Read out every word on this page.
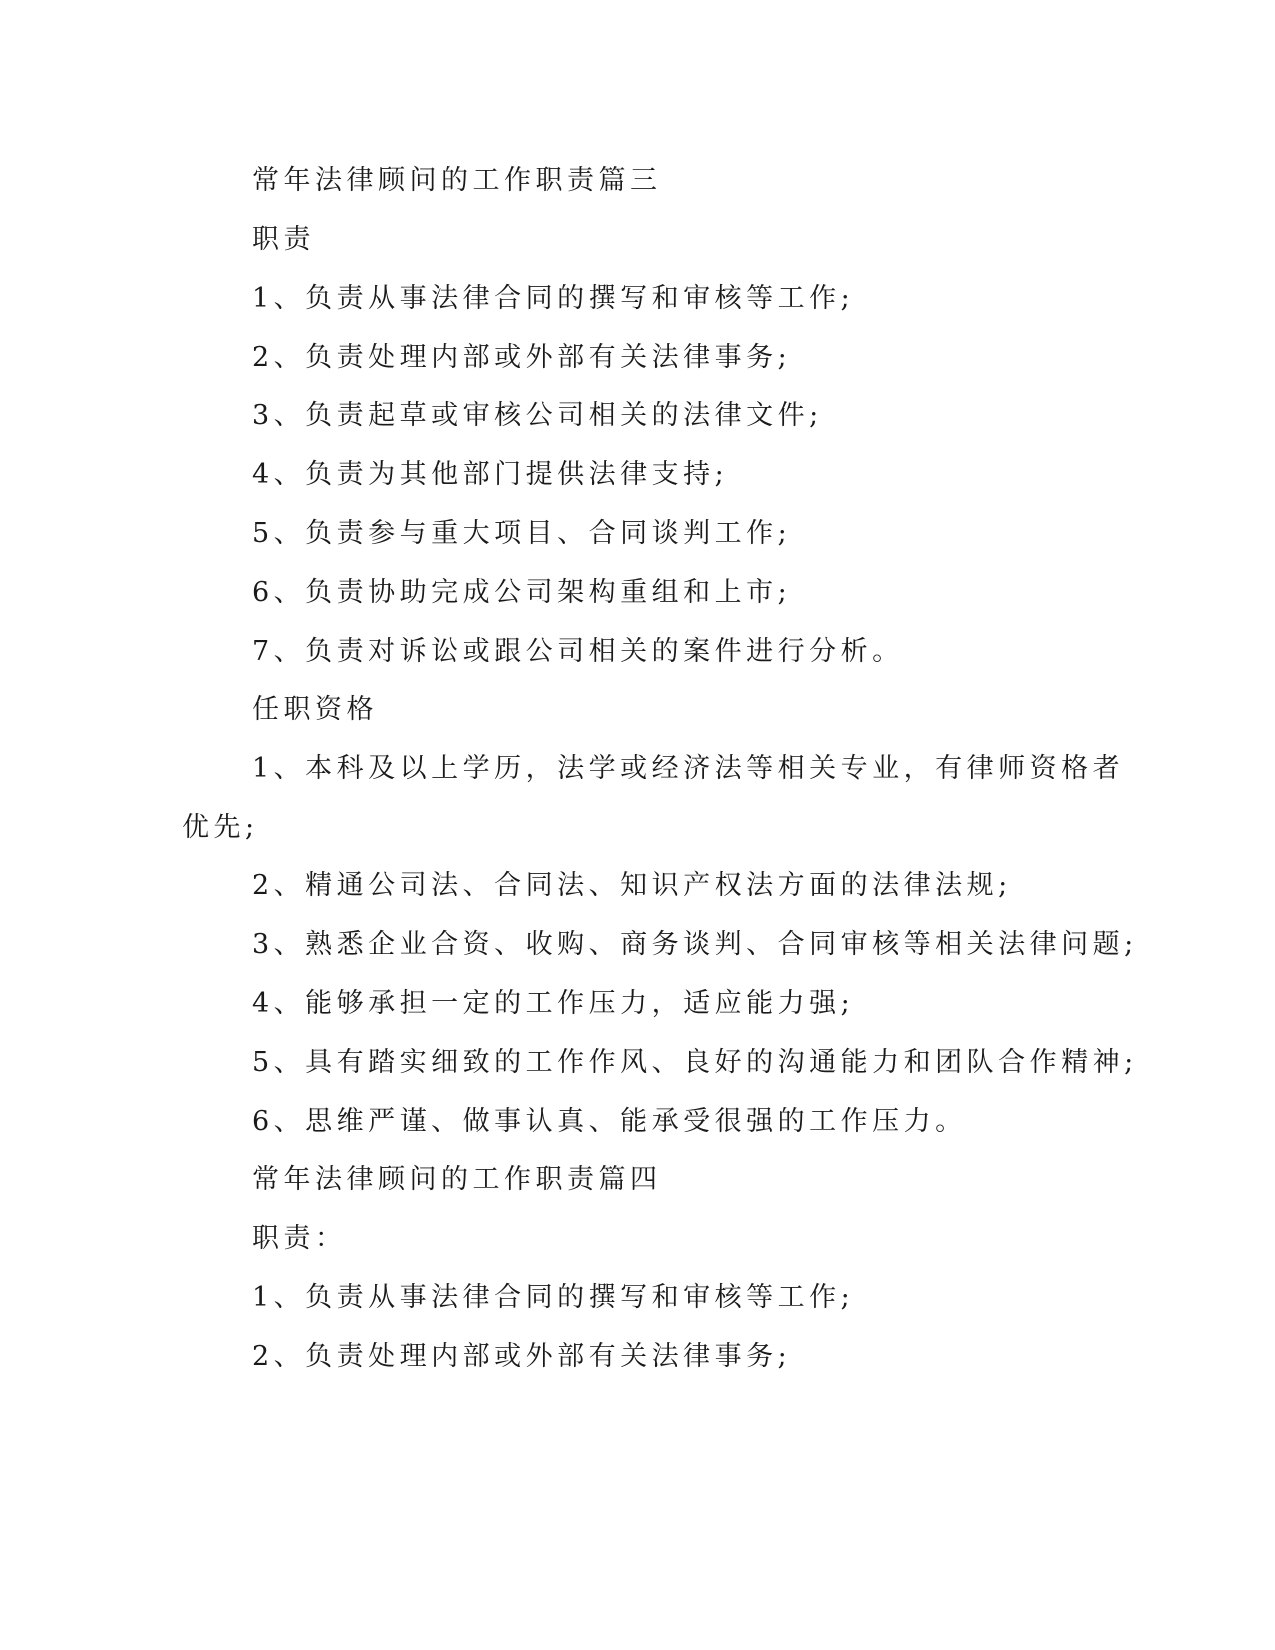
常年法律顾问的工作职责篇三

职责

1、负责从事法律合同的撰写和审核等工作;

2、负责处理内部或外部有关法律事务;

3、负责起草或审核公司相关的法律文件;

4、负责为其他部门提供法律支持;

5、负责参与重大项目、合同谈判工作;

6、负责协助完成公司架构重组和上市;

7、负责对诉讼或跟公司相关的案件进行分析。

任职资格

1、本科及以上学历，法学或经济法等相关专业，有律师资格者

优先;

2、精通公司法、合同法、知识产权法方面的法律法规;

3、熟悉企业合资、收购、商务谈判、合同审核等相关法律问题;

4、能够承担一定的工作压力，适应能力强;

5、具有踏实细致的工作作风、良好的沟通能力和团队合作精神;

6、思维严谨、做事认真、能承受很强的工作压力。

常年法律顾问的工作职责篇四

职责：

1、负责从事法律合同的撰写和审核等工作;

2、负责处理内部或外部有关法律事务;
